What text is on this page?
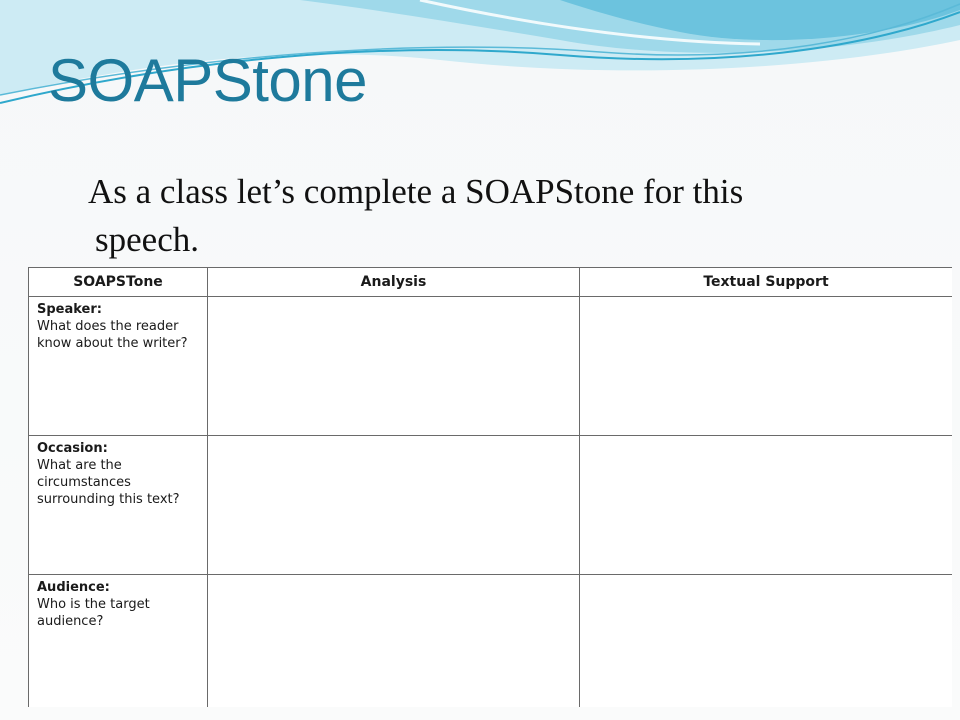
SOAPStone

As a class let’s complete a SOAPStone for this
speech.

SOAPSTone	Analysis	Textual Support

Speaker:
What does the reader know about the writer?		

Occasion:
What are the circumstances surrounding this text?		

Audience:
Who is the target audience?		
